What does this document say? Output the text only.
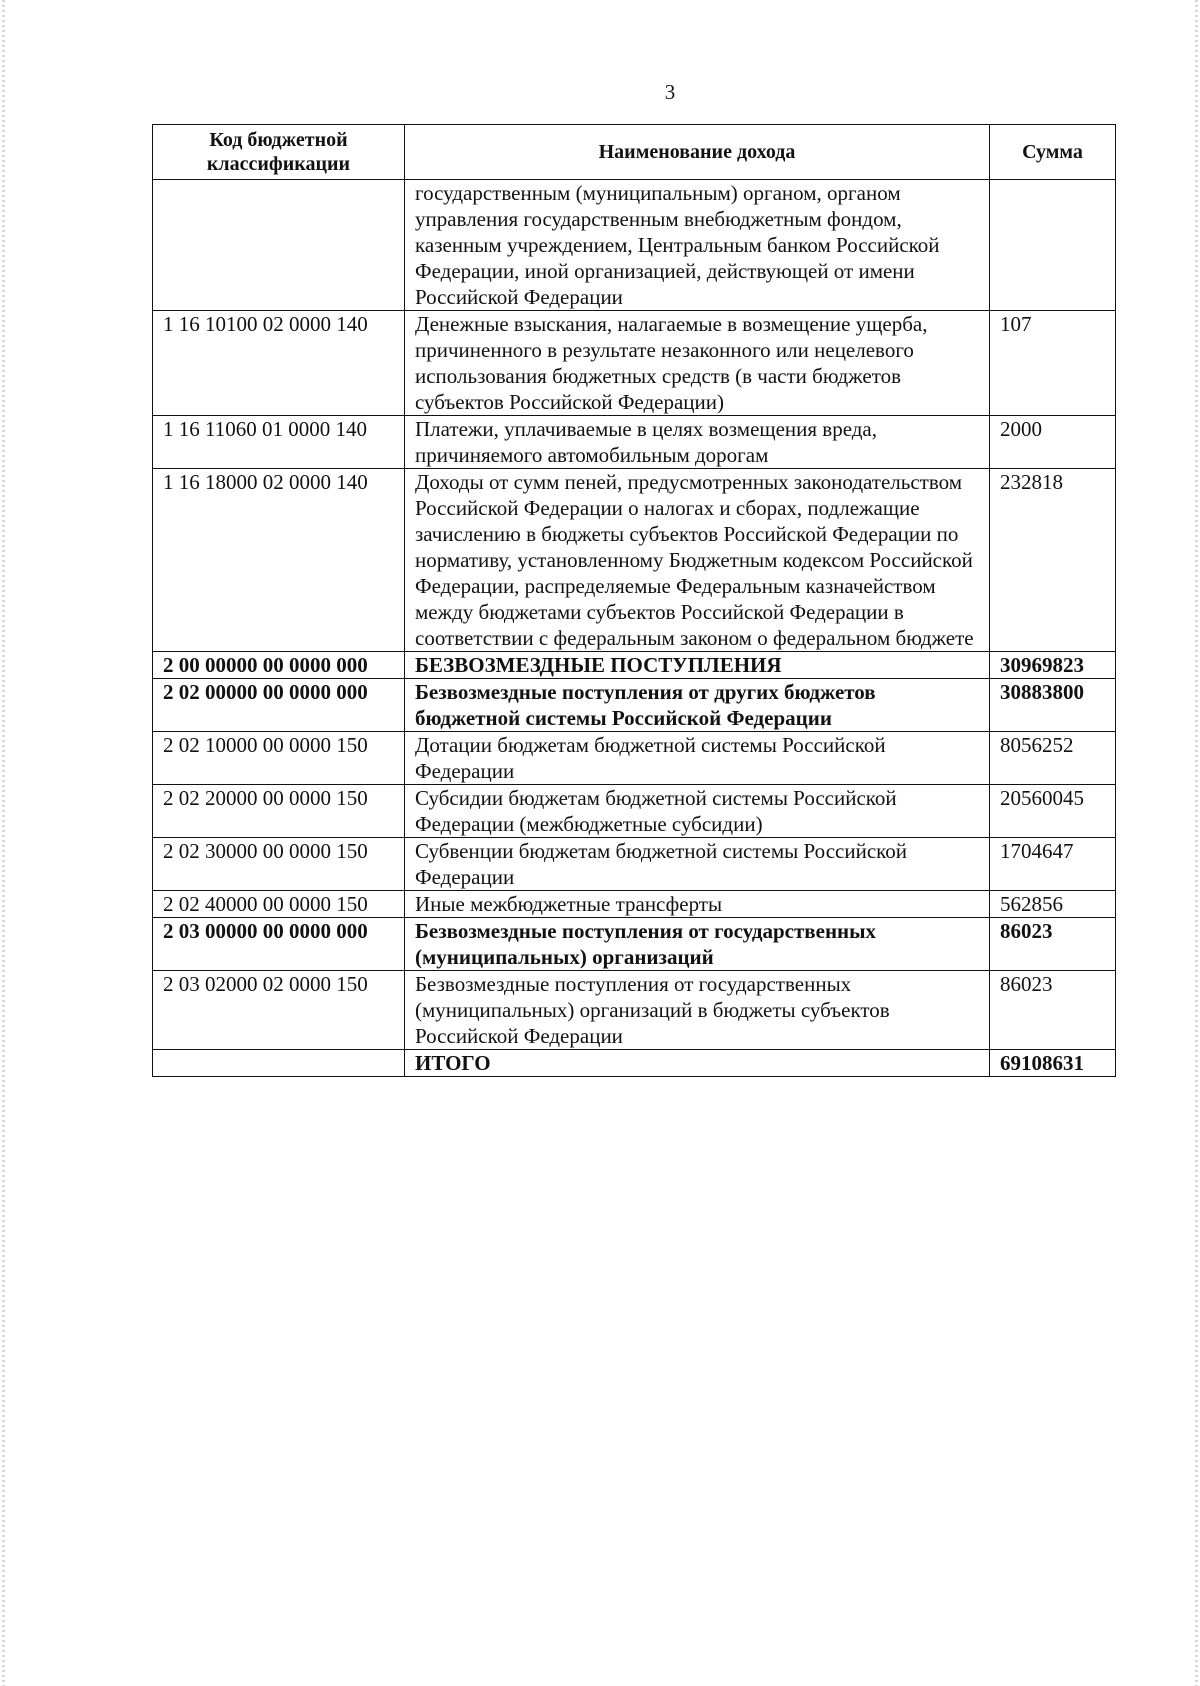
3
Код бюджетной классификации	Наименование дохода	Сумма
	государственным (муниципальным) органом, органом управления государственным внебюджетным фондом, казенным учреждением, Центральным банком Российской Федерации, иной организацией, действующей от имени Российской Федерации	
1 16 10100 02 0000 140	Денежные взыскания, налагаемые в возмещение ущерба, причиненного в результате незаконного или нецелевого использования бюджетных средств (в части бюджетов субъектов Российской Федерации)	107
1 16 11060 01 0000 140	Платежи, уплачиваемые в целях возмещения вреда, причиняемого автомобильным дорогам	2000
1 16 18000 02 0000 140	Доходы от сумм пеней, предусмотренных законодательством Российской Федерации о налогах и сборах, подлежащие зачислению в бюджеты субъектов Российской Федерации по нормативу, установленному Бюджетным кодексом Российской Федерации, распределяемые Федеральным казначейством между бюджетами субъектов Российской Федерации в соответствии с федеральным законом о федеральном бюджете	232818
2 00 00000 00 0000 000	БЕЗВОЗМЕЗДНЫЕ ПОСТУПЛЕНИЯ	30969823
2 02 00000 00 0000 000	Безвозмездные поступления от других бюджетов бюджетной системы Российской Федерации	30883800
2 02 10000 00 0000 150	Дотации бюджетам бюджетной системы Российской Федерации	8056252
2 02 20000 00 0000 150	Субсидии бюджетам бюджетной системы Российской Федерации (межбюджетные субсидии)	20560045
2 02 30000 00 0000 150	Субвенции бюджетам бюджетной системы Российской Федерации	1704647
2 02 40000 00 0000 150	Иные межбюджетные трансферты	562856
2 03 00000 00 0000 000	Безвозмездные поступления от государственных (муниципальных) организаций	86023
2 03 02000 02 0000 150	Безвозмездные поступления от государственных (муниципальных) организаций в бюджеты субъектов Российской Федерации	86023
	ИТОГО	69108631
